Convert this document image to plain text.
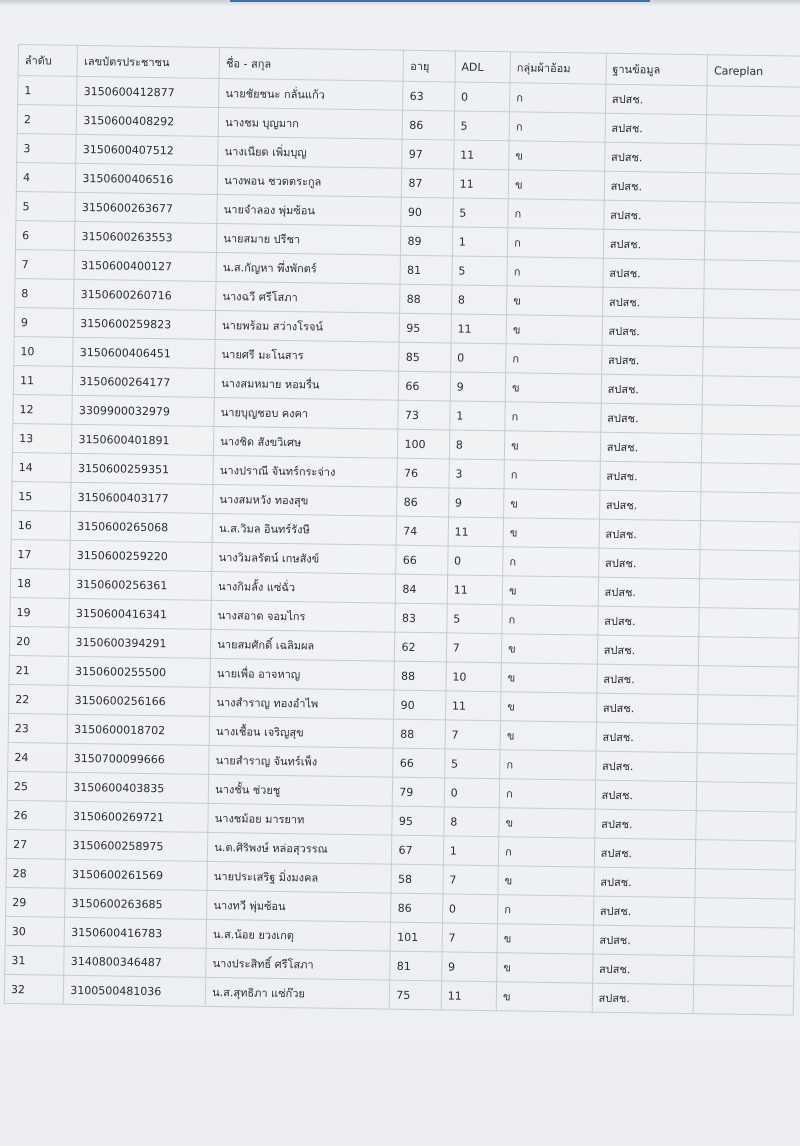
ลำดับ	เลขบัตรประชาชน	ชื่อ - สกุล	อายุ	ADL	กลุ่มผ้าอ้อม	ฐานข้อมูล	Careplan
1	3150600412877	นายชัยชนะ กลั่นแก้ว	63	0	ก	สปสช.	
2	3150600408292	นางชม บุญมาก	86	5	ก	สปสช.	
3	3150600407512	นางเนียด เพิ่มบุญ	97	11	ข	สปสช.	
4	3150600406516	นางพอน ชวดตระกูล	87	11	ข	สปสช.	
5	3150600263677	นายจำลอง พุ่มซ้อน	90	5	ก	สปสช.	
6	3150600263553	นายสมาย ปรีชา	89	1	ก	สปสช.	
7	3150600400127	น.ส.กัญหา พึ่งพักตร์	81	5	ก	สปสช.	
8	3150600260716	นางฉวี ศรีโสภา	88	8	ข	สปสช.	
9	3150600259823	นายพร้อม สว่างโรจน์	95	11	ข	สปสช.	
10	3150600406451	นายศรี มะโนสาร	85	0	ก	สปสช.	
11	3150600264177	นางสมหมาย หอมรื่น	66	9	ข	สปสช.	
12	3309900032979	นายบุญชอบ คงคา	73	1	ก	สปสช.	
13	3150600401891	นางชิด สังขวิเศษ	100	8	ข	สปสช.	
14	3150600259351	นางปราณี จันทร์กระจ่าง	76	3	ก	สปสช.	
15	3150600403177	นางสมหวัง ทองสุข	86	9	ข	สปสช.	
16	3150600265068	น.ส.วิมล อินทร์รังษี	74	11	ข	สปสช.	
17	3150600259220	นางวิมลรัตน์ เกษสังข์	66	0	ก	สปสช.	
18	3150600256361	นางกิมลั้ง แซ่ฉั่ว	84	11	ข	สปสช.	
19	3150600416341	นางสอาด จอมไกร	83	5	ก	สปสช.	
20	3150600394291	นายสมศักดิ์ เฉลิมผล	62	7	ข	สปสช.	
21	3150600255500	นายเพื่อ อาจหาญ	88	10	ข	สปสช.	
22	3150600256166	นางสำราญ ทองอำไพ	90	11	ข	สปสช.	
23	3150600018702	นางเชื้อน เจริญสุข	88	7	ข	สปสช.	
24	3150700099666	นายสำราญ จันทร์เพ็ง	66	5	ก	สปสช.	
25	3150600403835	นางชั้น ช่วยชู	79	0	ก	สปสช.	
26	3150600269721	นางชม้อย มารยาท	95	8	ข	สปสช.	
27	3150600258975	น.ต.ศิริพงษ์ หล่อสุวรรณ	67	1	ก	สปสช.	
28	3150600261569	นายประเสริฐ มิ่งมงคล	58	7	ข	สปสช.	
29	3150600263685	นางทวี พุ่มซ้อน	86	0	ก	สปสช.	
30	3150600416783	น.ส.น้อย ยวงเกตุ	101	7	ข	สปสช.	
31	3140800346487	นางประสิทธิ์ ศรีโสภา	81	9	ข	สปสช.	
32	3100500481036	น.ส.สุทธิภา แซ่ก๊วย	75	11	ข	สปสช.	
